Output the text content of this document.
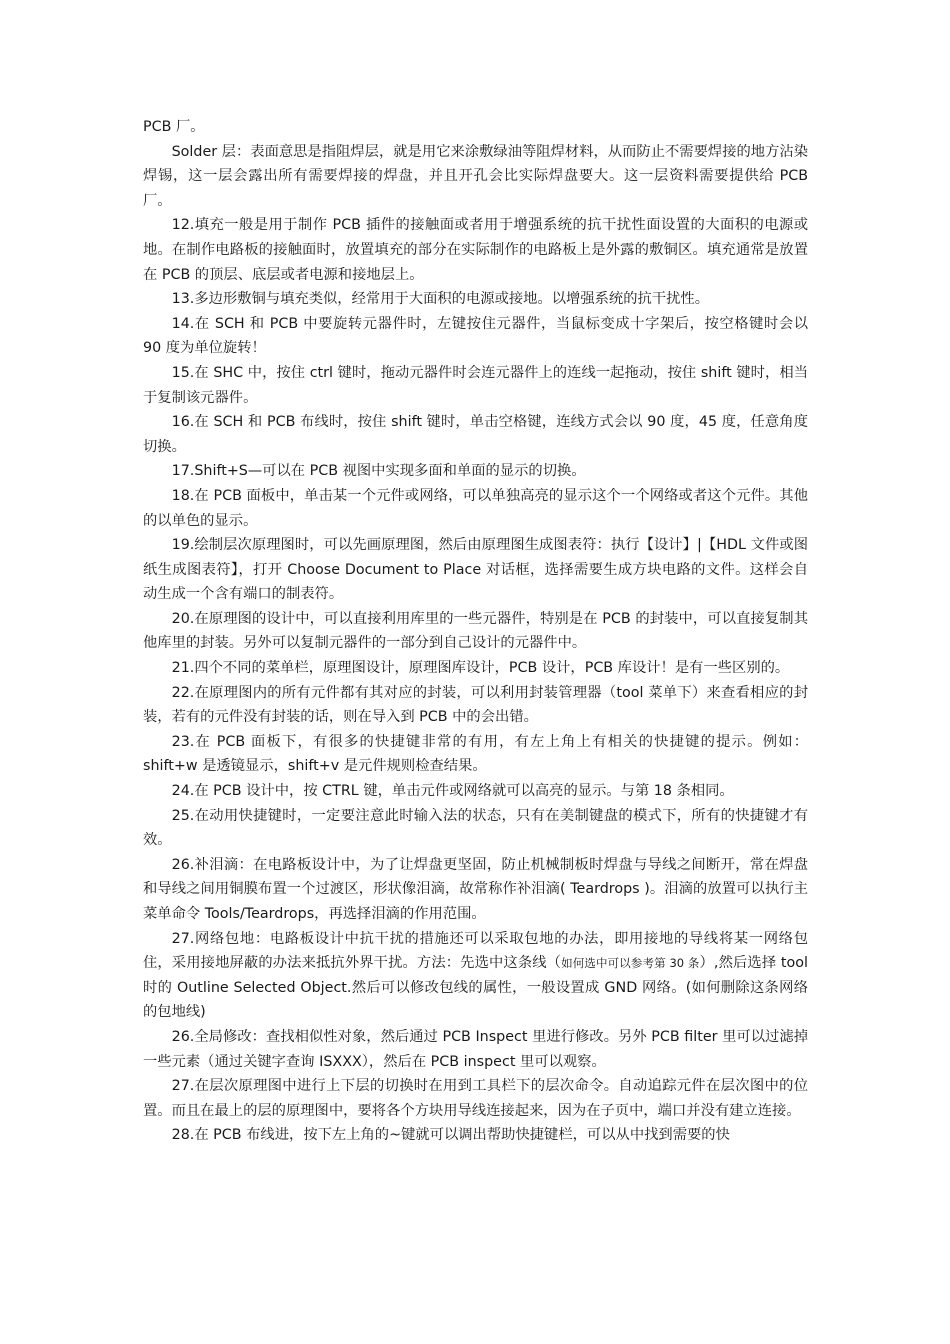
PCB 厂。

Solder 层：表面意思是指阻焊层，就是用它来涂敷绿油等阻焊材料，从而防止不需要焊接的地方沾染焊锡，这一层会露出所有需要焊接的焊盘，并且开孔会比实际焊盘要大。这一层资料需要提供给 PCB 厂。

12.填充一般是用于制作 PCB 插件的接触面或者用于增强系统的抗干扰性面设置的大面积的电源或地。在制作电路板的接触面时，放置填充的部分在实际制作的电路板上是外露的敷铜区。填充通常是放置在 PCB 的顶层、底层或者电源和接地层上。

13.多边形敷铜与填充类似，经常用于大面积的电源或接地。以增强系统的抗干扰性。

14.在 SCH 和 PCB 中要旋转元器件时，左键按住元器件，当鼠标变成十字架后，按空格键时会以 90 度为单位旋转！

15.在 SHC 中，按住 ctrl 键时，拖动元器件时会连元器件上的连线一起拖动，按住 shift 键时，相当于复制该元器件。

16.在 SCH 和 PCB 布线时，按住 shift 键时，单击空格键，连线方式会以 90 度，45 度，任意角度切换。

17.Shift+S—可以在 PCB 视图中实现多面和单面的显示的切换。

18.在 PCB 面板中，单击某一个元件或网络，可以单独高亮的显示这个一个网络或者这个元件。其他的以单色的显示。

19.绘制层次原理图时，可以先画原理图，然后由原理图生成图表符：执行【设计】|【HDL 文件或图纸生成图表符】，打开 Choose Document to Place 对话框，选择需要生成方块电路的文件。这样会自动生成一个含有端口的制表符。

20.在原理图的设计中，可以直接利用库里的一些元器件，特别是在 PCB 的封装中，可以直接复制其他库里的封装。另外可以复制元器件的一部分到自己设计的元器件中。

21.四个不同的菜单栏，原理图设计，原理图库设计，PCB 设计，PCB 库设计！是有一些区别的。

22.在原理图内的所有元件都有其对应的封装，可以利用封装管理器（tool 菜单下）来查看相应的封装，若有的元件没有封装的话，则在导入到 PCB 中的会出错。

23.在 PCB 面板下，有很多的快捷键非常的有用，有左上角上有相关的快捷键的提示。例如：shift+w 是透镜显示，shift+v 是元件规则检查结果。

24.在 PCB 设计中，按 CTRL 键，单击元件或网络就可以高亮的显示。与第 18 条相同。

25.在动用快捷键时，一定要注意此时输入法的状态，只有在美制键盘的模式下，所有的快捷键才有效。

26.补泪滴：在电路板设计中，为了让焊盘更坚固，防止机械制板时焊盘与导线之间断开，常在焊盘和导线之间用铜膜布置一个过渡区，形状像泪滴，故常称作补泪滴( Teardrops )。泪滴的放置可以执行主菜单命令 Tools/Teardrops，再选择泪滴的作用范围。

27.网络包地：电路板设计中抗干扰的措施还可以采取包地的办法，即用接地的导线将某一网络包住，采用接地屏蔽的办法来抵抗外界干扰。方法：先选中这条线（如何选中可以参考第 30 条）,然后选择 tool 时的 Outline Selected Object.然后可以修改包线的属性，一般设置成 GND 网络。(如何删除这条网络的包地线)

26.全局修改：查找相似性对象，然后通过 PCB Inspect 里进行修改。另外 PCB filter 里可以过滤掉一些元素（通过关键字查询 ISXXX），然后在 PCB inspect 里可以观察。

27.在层次原理图中进行上下层的切换时在用到工具栏下的层次命令。自动追踪元件在层次图中的位置。而且在最上的层的原理图中，要将各个方块用导线连接起来，因为在子页中，端口并没有建立连接。

28.在 PCB 布线进，按下左上角的~键就可以调出帮助快捷键栏，可以从中找到需要的快
